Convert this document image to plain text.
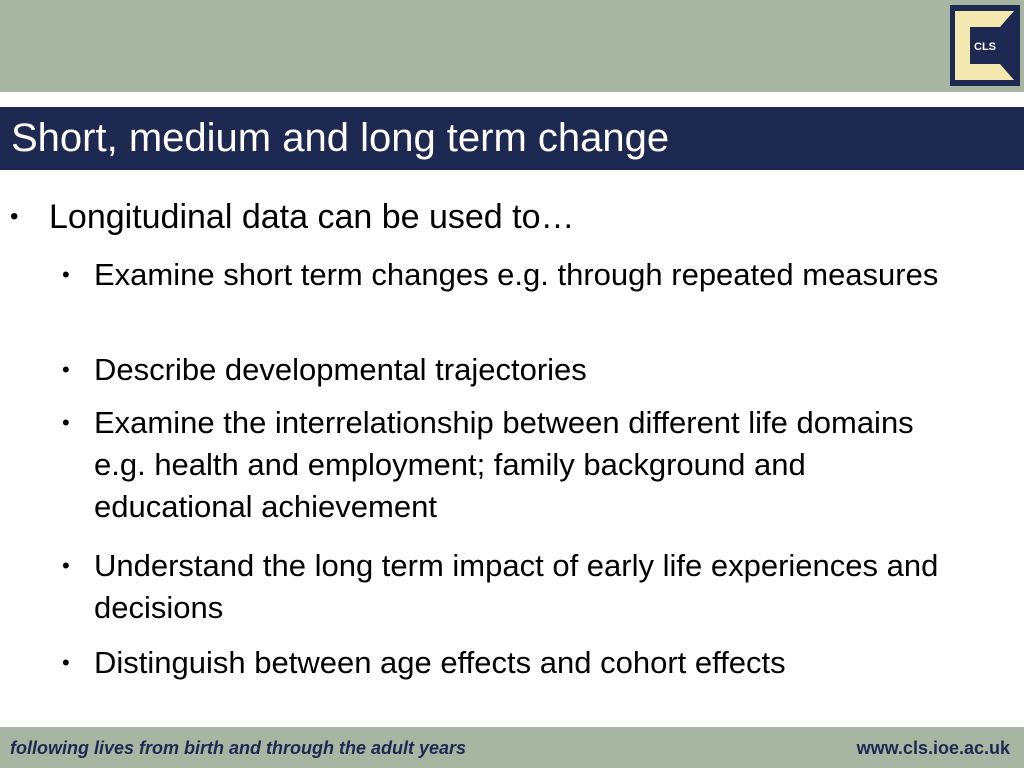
CLS
Short, medium and long term change
• Longitudinal data can be used to…
• Examine short term changes e.g. through repeated measures
• Describe developmental trajectories
• Examine the interrelationship between different life domains e.g. health and employment; family background and educational achievement
• Understand the long term impact of early life experiences and decisions
• Distinguish between age effects and cohort effects
following lives from birth and through the adult years	www.cls.ioe.ac.uk
